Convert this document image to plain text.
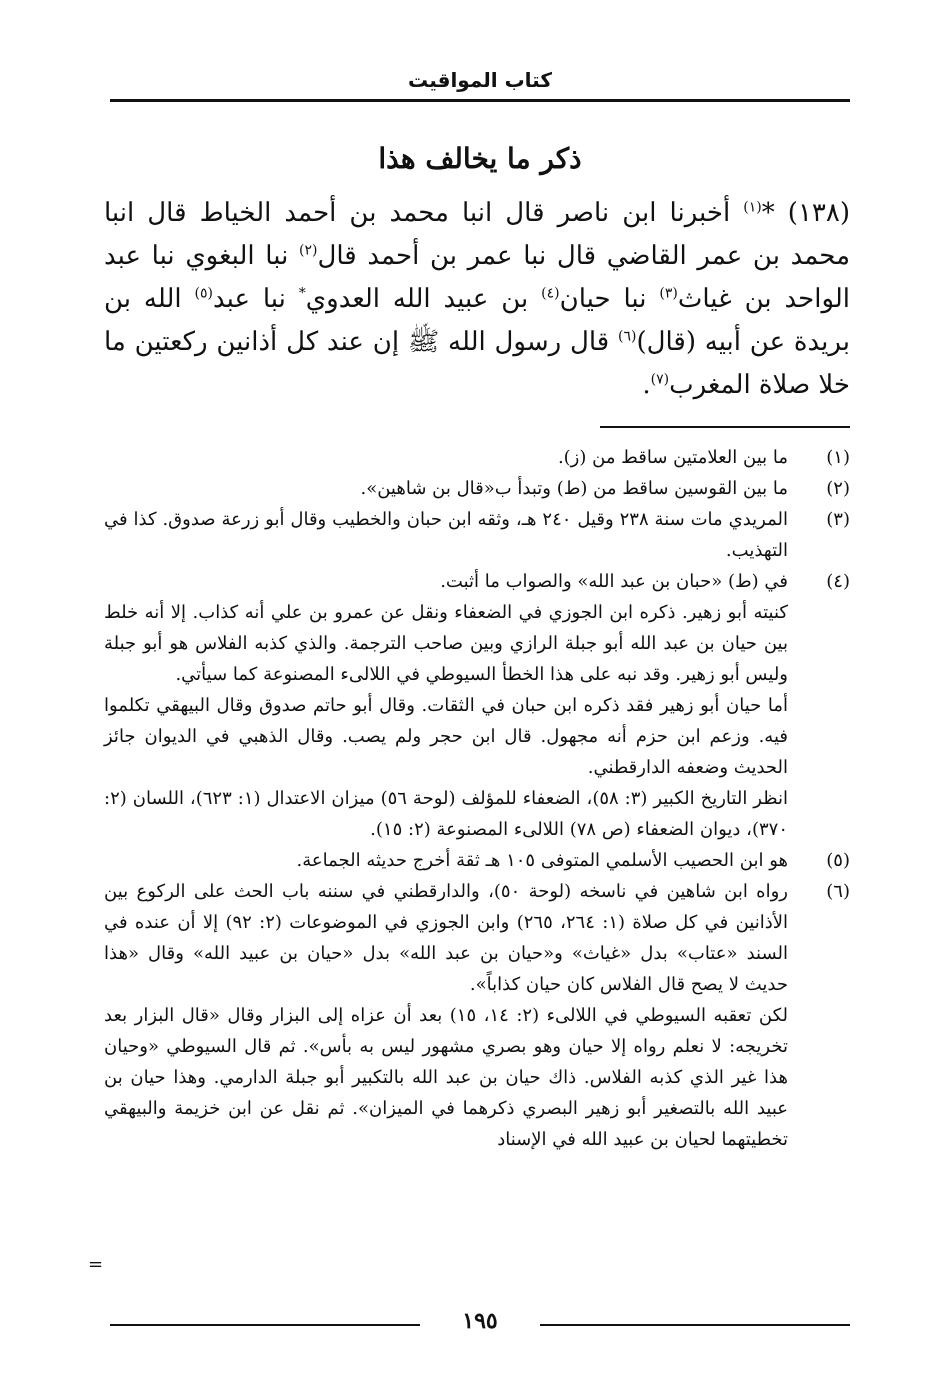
كتاب المواقيت
ذكر ما يخالف هذا

(١٣٨) *$^{(١)}$ أخبرنا ابن ناصر قال انبا محمد بن أحمد الخياط قال انبا محمد بن عمر القاضي قال نبا عمر بن أحمد قال$^{(٢)}$ نبا البغوي نبا عبد الواحد بن غياث$^{(٣)}$ نبا حيان$^{(٤)}$ بن عبيد الله العدوي* نبا عبد$^{(٥)}$ الله بن بريدة عن أبيه (قال)$^{(٦)}$ قال رسول الله ﷺ إن عند كل أذانين ركعتين ما خلا صلاة المغرب$^{(٧)}$.

(١)
ما بين العلامتين ساقط من (ز).
(٢)
ما بين القوسين ساقط من (ط) وتبدأ ب«قال بن شاهين».
(٣)
المريدي مات سنة ٢٣٨ وقيل ٢٤٠ هـ، وثقه ابن حبان والخطيب وقال أبو زرعة صدوق. كذا في التهذيب.
(٤)
في (ط) «حبان بن عبد الله» والصواب ما أثبت.
كنيته أبو زهير. ذكره ابن الجوزي في الضعفاء ونقل عن عمرو بن علي أنه كذاب. إلا أنه خلط بين حيان بن عبد الله أبو جبلة الرازي وبين صاحب الترجمة. والذي كذبه الفلاس هو أبو جبلة وليس أبو زهير. وقد نبه على هذا الخطأ السيوطي في اللالىء المصنوعة كما سيأتي.
أما حيان أبو زهير فقد ذكره ابن حبان في الثقات. وقال أبو حاتم صدوق وقال البيهقي تكلموا فيه. وزعم ابن حزم أنه مجهول. قال ابن حجر ولم يصب. وقال الذهبي في الديوان جائز الحديث وضعفه الدارقطني.
انظر التاريخ الكبير (٣: ٥٨)، الضعفاء للمؤلف (لوحة ٥٦) ميزان الاعتدال (١: ٦٢٣)، اللسان (٢: ٣٧٠)، ديوان الضعفاء (ص ٧٨) اللالىء المصنوعة (٢: ١٥).
(٥)
هو ابن الحصيب الأسلمي المتوفى ١٠٥ هـ ثقة أخرج حديثه الجماعة.
(٦)
رواه ابن شاهين في ناسخه (لوحة ٥٠)، والدارقطني في سننه باب الحث على الركوع بين الأذانين في كل صلاة (١: ٢٦٤، ٢٦٥) وابن الجوزي في الموضوعات (٢: ٩٢) إلا أن عنده في السند «عتاب» بدل «غياث» و«حيان بن عبد الله» بدل «حيان بن عبيد الله» وقال «هذا حديث لا يصح قال الفلاس كان حيان كذاباً».
لكن تعقبه السيوطي في اللالىء (٢: ١٤، ١٥) بعد أن عزاه إلى البزار وقال «قال البزار بعد تخريجه: لا نعلم رواه إلا حيان وهو بصري مشهور ليس به بأس». ثم قال السيوطي «وحيان هذا غير الذي كذبه الفلاس. ذاك حيان بن عبد الله بالتكبير أبو جبلة الدارمي. وهذا حيان بن عبيد الله بالتصغير أبو زهير البصري ذكرهما في الميزان». ثم نقل عن ابن خزيمة والبيهقي تخطيتهما لحيان بن عبيد الله في الإسناد
=
١٩٥
